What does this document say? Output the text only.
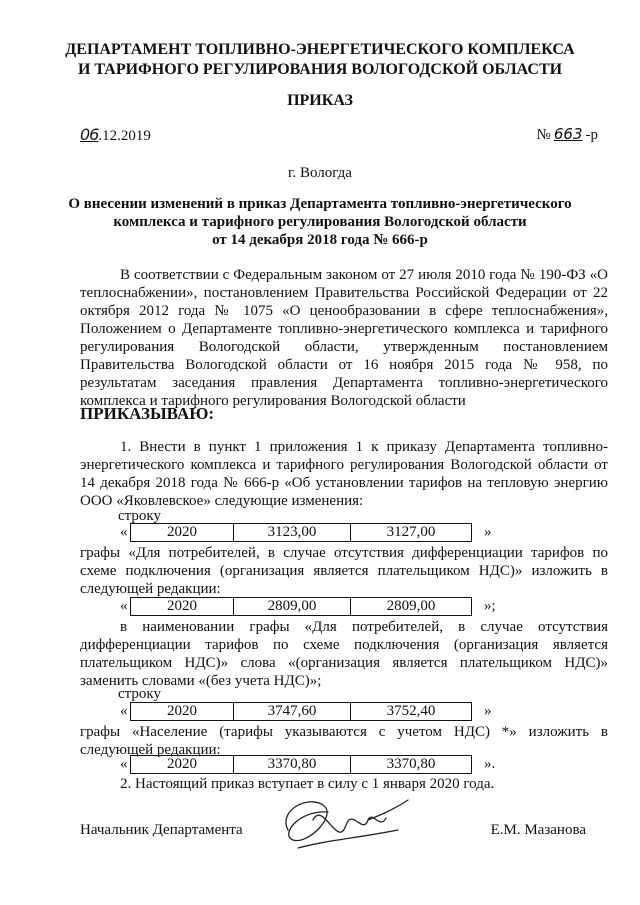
ДЕПАРТАМЕНТ ТОПЛИВНО-ЭНЕРГЕТИЧЕСКОГО КОМПЛЕКСА
И ТАРИФНОГО РЕГУЛИРОВАНИЯ ВОЛОГОДСКОЙ ОБЛАСТИ
ПРИКАЗ
06.12.2019	№ 663 -р
г. Вологда
О внесении изменений в приказ Департамента топливно-энергетического
комплекса и тарифного регулирования Вологодской области
от 14 декабря 2018 года № 666-р
В соответствии с Федеральным законом от 27 июля 2010 года № 190-ФЗ «О теплоснабжении», постановлением Правительства Российской Федерации от 22 октября 2012 года № 1075 «О ценообразовании в сфере теплоснабжения», Положением о Департаменте топливно-энергетического комплекса и тарифного регулирования Вологодской области, утвержденным постановлением Правительства Вологодской области от 16 ноября 2015 года № 958, по результатам заседания правления Департамента топливно-энергетического комплекса и тарифного регулирования Вологодской области
ПРИКАЗЫВАЮ:
1. Внести в пункт 1 приложения 1 к приказу Департамента топливно-энергетического комплекса и тарифного регулирования Вологодской области от 14 декабря 2018 года № 666-р «Об установлении тарифов на тепловую энергию ООО «Яковлевское» следующие изменения:
строку
«	2020	3123,00	3127,00	»
графы «Для потребителей, в случае отсутствия дифференциации тарифов по схеме подключения (организация является плательщиком НДС)» изложить в следующей редакции:
«	2020	2809,00	2809,00	»;
в наименовании графы «Для потребителей, в случае отсутствия дифференциации тарифов по схеме подключения (организация является плательщиком НДС)» слова «(организация является плательщиком НДС)» заменить словами «(без учета НДС)»;
строку
«	2020	3747,60	3752,40	»
графы «Население (тарифы указываются с учетом НДС) *» изложить в следующей редакции:
«	2020	3370,80	3370,80	».
2. Настоящий приказ вступает в силу с 1 января 2020 года.
Начальник Департамента	Е.М. Мазанова
